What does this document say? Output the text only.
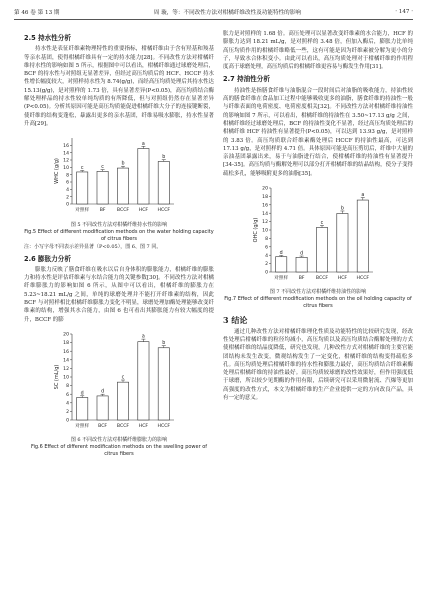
第 46 卷 第 13 期	周 璇，等：不同改性方法对柑橘纤维改性及功能特性的影响	· 147 ·
2.5 持水性分析

持水性是表征纤维素物理特性的重要指标，柑橘纤维由于含有羟基和羧基等亲水基团，使得柑橘纤维具有一定的持水能力[28]。不同改性方法对柑橘纤维持水性的影响如图 5 所示，根据图中可以看出，柑橘纤维通过球磨处理后，BCF 的持水性与对照组无显著差异，但经过高压均质后的 HCF、HCCF 持水性增长幅度较大，对照样持水性为 8.74(g/g)，而经高压均质处理后其持水性达 15.13(g/g)，是对照样的 1.73 倍，具有显著差异(P<0.05)，高压均质结合酶解处理样品的持水性较单纯均质的有所降低，但与对照组仍然存在显著差异(P<0.05)。分析其原因可能是高压均质能促进柑橘纤维大分子的连接键断裂，使纤维的结构变蓬松，暴露出更多的亲水基团，纤维易吸水膨胀，持水性显著升高[29]。

0
2
4
6
8
10
12
14
16
WHC (g/g)	c
对照样
c
BF
b
BCCF
a
HCF
b
HCCF
图 5 不同改性方法对柑橘纤维持水性的影响
Fig.5 Effect of different modification methods on the water holding capacity of citrus fibers
注：小写字母不同表示差异显著（P<0.05），图 6、图 7 同。
2.6 膨胀力分析

膨胀力反映了膳食纤维在吸水以后自身体积的膨胀能力，柑橘纤维的膨胀力和持水性是评估纤维素与水结合能力的关键参数[30]。不同改性方法对柑橘纤维膨胀力的影响如图 6 所示，从图中可以看出，柑橘纤维的膨胀力在 5.23~18.21 mL/g 之间，单纯的球磨处理并不能打开纤维素的结构，因此 BCF 与对照样相比柑橘纤维膨胀力变化不明显，球磨处理加酶处理能够改变纤维素的结构，增强其水合能力，由图 6 也可看出其膨胀能力有较大幅度的提升，BCCF 的膨

0
2
4
6
8
10
12
14
16
18
20
SC (mL/g)
d
对照样
d
BCF
c
BCCF
a
HCF
b
HCCF
图 6 不同改性方法对柑橘纤维膨胀力的影响
Fig.6 Effect of different modification methods on the swelling power of citrus fibers

胀力是对照样的 1.68 倍。高压处理可以显著改变纤维素的水合能力，HCF 的膨胀力达到 18.21 mL/g，是对照样的 3.48 倍，但加入酶后，膨胀力比单纯高压均质作用的柑橘纤维略低一些，这有可能是因为纤维素被分解为更小的分子，导致水合体积变小。由此可以看出，高压均质处理对于柑橘纤维的作用程度高于球磨处理，高压均质后的柑橘纤维更容易与酶发生作用[31]。

2.7 持油性分析

持油性是指膳食纤维与油脂混合一段时间后对油脂的吸收能力，持油性较高的膳食纤维在食品加工过程中能够吸收更多的油脂，膳食纤维的持油性一般与纤维表面的电荷密度、电荷密度相关[32]。不同改性方法对柑橘纤维持油性的影响如图 7 所示，可以看出，柑橘纤维的持油性在 3.50~17.13 g/g 之间，柑橘纤维经过球磨处理后，BCF 的持油性变化不显著，经过高压均质处理后的柑橘纤维 HCF 持油性有显著提升(P<0.05)，可以达到 13.93 g/g，是对照样的 3.83 倍。高压均质联合纤维素酶处理后 HCCF 的持油性最高，可达到 17.13 g/g，是对照样的 4.71 倍。具体原因可能是高压剪切后，纤维中大量的亲油基团暴露出来，易于与油脂进行结合，使柑橘纤维的持油性有显著提升[34-35]。高压均质与酶解处理可以部分打开柑橘纤维的结晶结构，使分子变得疏松多孔，能够吸附更多的油脂[35]。

0
2
4
6
8
10
12
14
16
18
20
OHC (g/g)
d
对照样
d
BF
c
BCCF
b
HCF
a
HCCF
图 7 不同改性方法对柑橘纤维持油性的影响
Fig.7 Effect of different modification methods on the oil holding capacity of citrus fibers
3 结论

通过几种改性方法对柑橘纤维理化性质及功能特性的比较研究发现，经改性处理后柑橘纤维的粒径均减小，高压均质以及高压均质结合酶解处理的方式使柑橘纤维的结晶度降低，研究也发现，几种改性方式对柑橘纤维的主要官能团结构未发生改变，微观结构发生了一定变化，柑橘纤维的结构变得疏松多孔。高压均质处理后柑橘纤维的持水性和膨胀力最好，高压均质结合纤维素酶处理后柑橘纤维的持油性最好。高压均质较球磨的改性效果好，但作用强度低于球磨，所以较少见期酶的作用有限，后续研究可以采用微射流、汽爆等更加高强度的改性方式，本文为柑橘纤维的生产企业提供一定的方向改良产品，具有一定的意义。
